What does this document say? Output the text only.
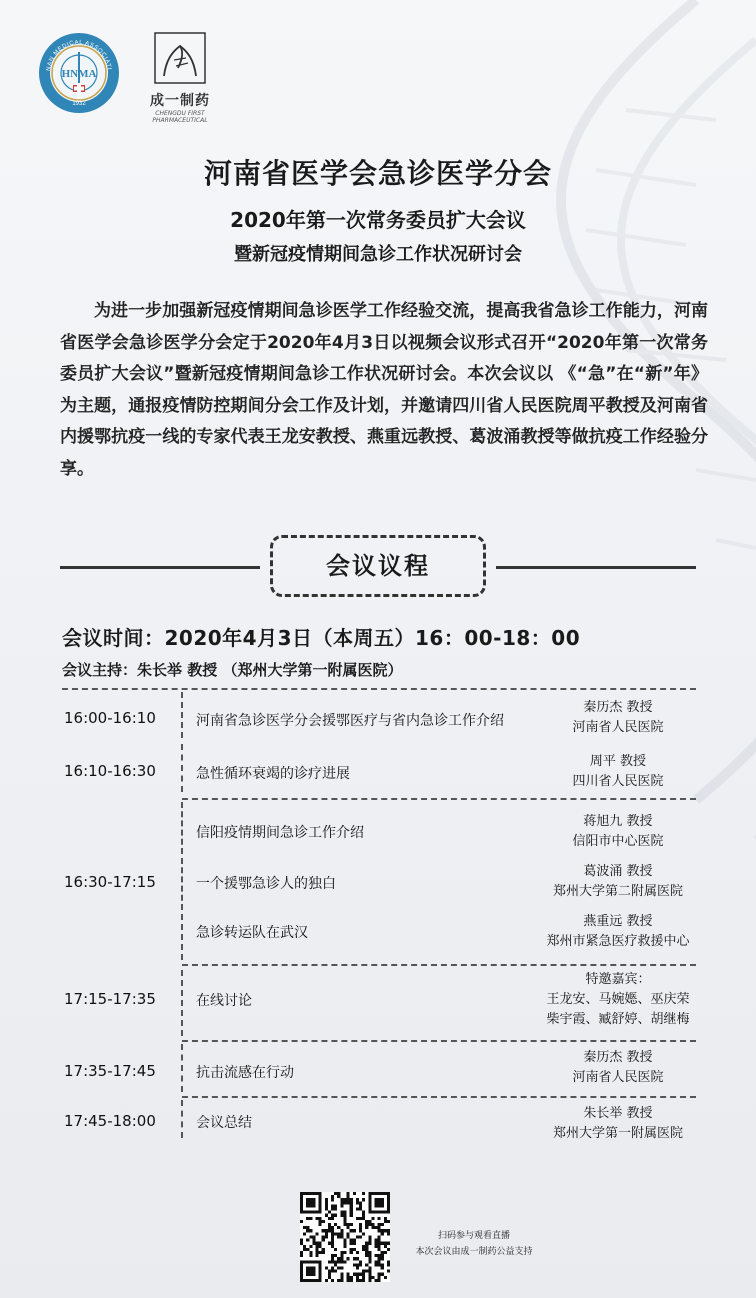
NAN MEDICAL ASSOCIATI
HNMA
1932	成一制药
CHENGDU FIRST PHARMACEUTICAL
河南省医学会急诊医学分会
2020年第一次常务委员扩大会议
暨新冠疫情期间急诊工作状况研讨会
为进一步加强新冠疫情期间急诊医学工作经验交流，提高我省急诊工作能力，河南省医学会急诊医学分会定于2020年4月3日以视频会议形式召开“2020年第一次常务委员扩大会议”暨新冠疫情期间急诊工作状况研讨会。本次会议以 《“急”在“新”年》 为主题，通报疫情防控期间分会工作及计划，并邀请四川省人民医院周平教授及河南省内援鄂抗疫一线的专家代表王龙安教授、燕重远教授、葛波涌教授等做抗疫工作经验分享。
会议议程
会议时间：2020年4月3日（本周五）16：00-18：00
会议主持：朱长举 教授 （郑州大学第一附属医院）
16:00-16:10
16:10-16:30
16:30-17:15
17:15-17:35
17:35-17:45
17:45-18:00
河南省急诊医学分会援鄂医疗与省内急诊工作介绍
急性循环衰竭的诊疗进展
信阳疫情期间急诊工作介绍
一个援鄂急诊人的独白
急诊转运队在武汉
在线讨论
抗击流感在行动
会议总结
秦历杰 教授
河南省人民医院
周平 教授
四川省人民医院
蒋旭九 教授
信阳市中心医院
葛波涌 教授
郑州大学第二附属医院
燕重远 教授
郑州市紧急医疗救援中心
特邀嘉宾：
王龙安、马婉嫕、巫庆荣
柴宇霞、臧舒婷、胡继梅
秦历杰 教授
河南省人民医院
朱长举 教授
郑州大学第一附属医院
扫码参与观看直播
本次会议由成一制药公益支持
